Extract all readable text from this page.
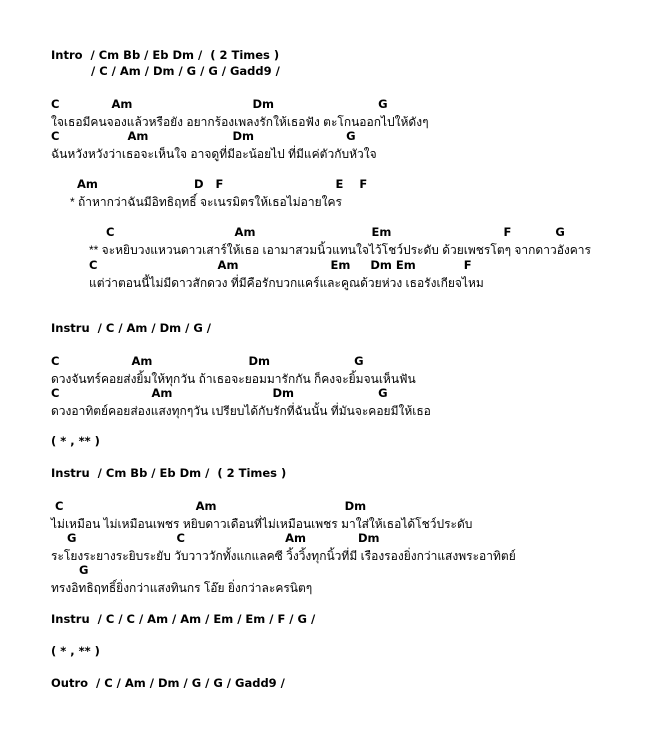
Intro  / Cm Bb / Eb Dm /  ( 2 Times )
/ C / Am / Dm / G / G / Gadd9 /
C             Am                              Dm                          G
ใจเธอมีคนจองแล้วหรือยัง อยากร้องเพลงรักให้เธอฟัง ตะโกนออกไปให้ดังๆ
C                 Am                     Dm                       G
ฉันหวังหวังว่าเธอจะเห็นใจ อาจดูที่มีอะน้อยไป ที่มีแค่ตัวกับหัวใจ
Am                        D   F                            E    F
* ถ้าหากว่าฉันมีอิทธิฤทธิ์ จะเนรมิตรให้เธอไม่อายใคร
C                              Am                             Em                            F           G
** จะหยิบวงแหวนดาวเสาร์ให้เธอ เอามาสวมนิ้วแทนใจไว้โชว์ประดับ ด้วยเพชรโตๆ จากดาวอังคาร
C                              Am                       Em     Dm Em            F
แต่ว่าตอนนี้ไม่มีดาวสักดวง ที่มีคือรักบวกแคร์และคูณด้วยห่วง เธอรังเกียจไหม
Instru  / C / Am / Dm / G /
C                  Am                        Dm                     G
ดวงจันทร์คอยส่งยิ้มให้ทุกวัน ถ้าเธอจะยอมมารักกัน ก็คงจะยิ้มจนเห็นฟัน
C                       Am                         Dm                     G
ดวงอาทิตย์คอยส่องแสงทุกๆวัน เปรียบได้กับรักที่ฉันนั้น ที่มันจะคอยมีให้เธอ
( * , ** )
Instru  / Cm Bb / Eb Dm /  ( 2 Times )
C                                 Am                                Dm
ไม่เหมือน ไม่เหมือนเพชร หยิบดาวเดือนที่ไม่เหมือนเพชร มาใส่ให้เธอได้โชว์ประดับ
G                         C                         Am             Dm
ระโยงระยางระยิบระยับ วับวาววักทั้งแกแลคซี วิ้งวิ้งทุกนิ้วที่มี เรืองรองยิ่งกว่าแสงพระอาทิตย์
G
ทรงอิทธิฤทธิ์ยิ่งกว่าแสงทินกร โอ๊ย ยิ่งกว่าละครนิตๆ
Instru  / C / C / Am / Am / Em / Em / F / G /
( * , ** )
Outro  / C / Am / Dm / G / G / Gadd9 /
